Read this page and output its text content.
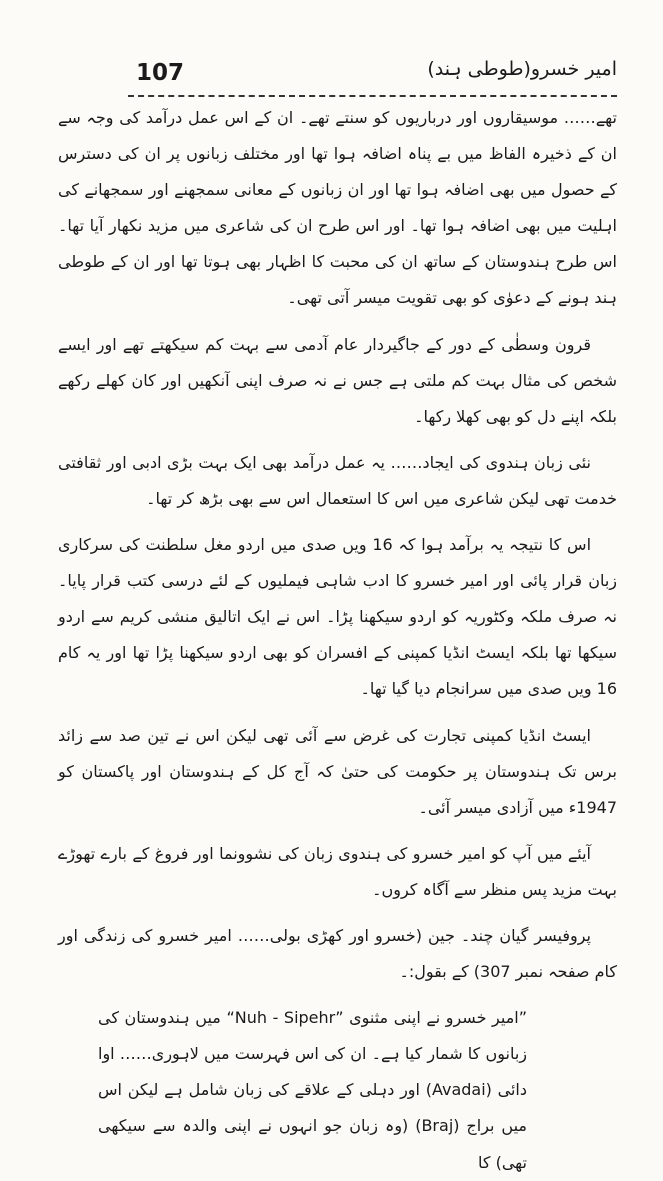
107	امیر خسرو(طوطی ہند)

تھے…… موسیقاروں اور درباریوں کو سنتے تھے۔ ان کے اس عمل درآمد کی وجہ سے ان کے ذخیرہ الفاظ میں بے پناہ اضافہ ہوا تھا اور مختلف زبانوں پر ان کی دسترس کے حصول میں بھی اضافہ ہوا تھا اور ان زبانوں کے معانی سمجھنے اور سمجھانے کی اہلیت میں بھی اضافہ ہوا تھا۔ اور اس طرح ان کی شاعری میں مزید نکھار آیا تھا۔ اس طرح ہندوستان کے ساتھ ان کی محبت کا اظہار بھی ہوتا تھا اور ان کے طوطی ہند ہونے کے دعوٰی کو بھی تقویت میسر آتی تھی۔

قرون وسطٰی کے دور کے جاگیردار عام آدمی سے بہت کم سیکھتے تھے اور ایسے شخص کی مثال بہت کم ملتی ہے جس نے نہ صرف اپنی آنکھیں اور کان کھلے رکھے بلکہ اپنے دل کو بھی کھلا رکھا۔

نئی زبان ہندوی کی ایجاد…… یہ عمل درآمد بھی ایک بہت بڑی ادبی اور ثقافتی خدمت تھی لیکن شاعری میں اس کا استعمال اس سے بھی بڑھ کر تھا۔

اس کا نتیجہ یہ برآمد ہوا کہ 16 ویں صدی میں اردو مغل سلطنت کی سرکاری زبان قرار پائی اور امیر خسرو کا ادب شاہی فیملیوں کے لئے درسی کتب قرار پایا۔ نہ صرف ملکہ وکٹوریہ کو اردو سیکھنا پڑا۔ اس نے ایک اتالیق منشی کریم سے اردو سیکھا تھا بلکہ ایسٹ انڈیا کمپنی کے افسران کو بھی اردو سیکھنا پڑا تھا اور یہ کام 16 ویں صدی میں سرانجام دیا گیا تھا۔

ایسٹ انڈیا کمپنی تجارت کی غرض سے آئی تھی لیکن اس نے تین صد سے زائد برس تک ہندوستان پر حکومت کی حتیٰ کہ آج کل کے ہندوستان اور پاکستان کو 1947ء میں آزادی میسر آئی۔

آیئے میں آپ کو امیر خسرو کی ہندوی زبان کی نشوونما اور فروغ کے بارے تھوڑے بہت مزید پس منظر سے آگاہ کروں۔

پروفیسر گیان چند۔ جین (خسرو اور کھڑی بولی…… امیر خسرو کی زندگی اور کام صفحہ نمبر 307) کے بقول:۔

”امیر خسرو نے اپنی مثنوی ”Nuh - Sipehr“ میں ہندوستان کی زبانوں کا شمار کیا ہے۔ ان کی اس فہرست میں لاہوری…… اوا دائی (Avadai) اور دہلی کے علاقے کی زبان شامل ہے لیکن اس میں براج (Braj) (وہ زبان جو انہوں نے اپنی والدہ سے سیکھی تھی) کا
